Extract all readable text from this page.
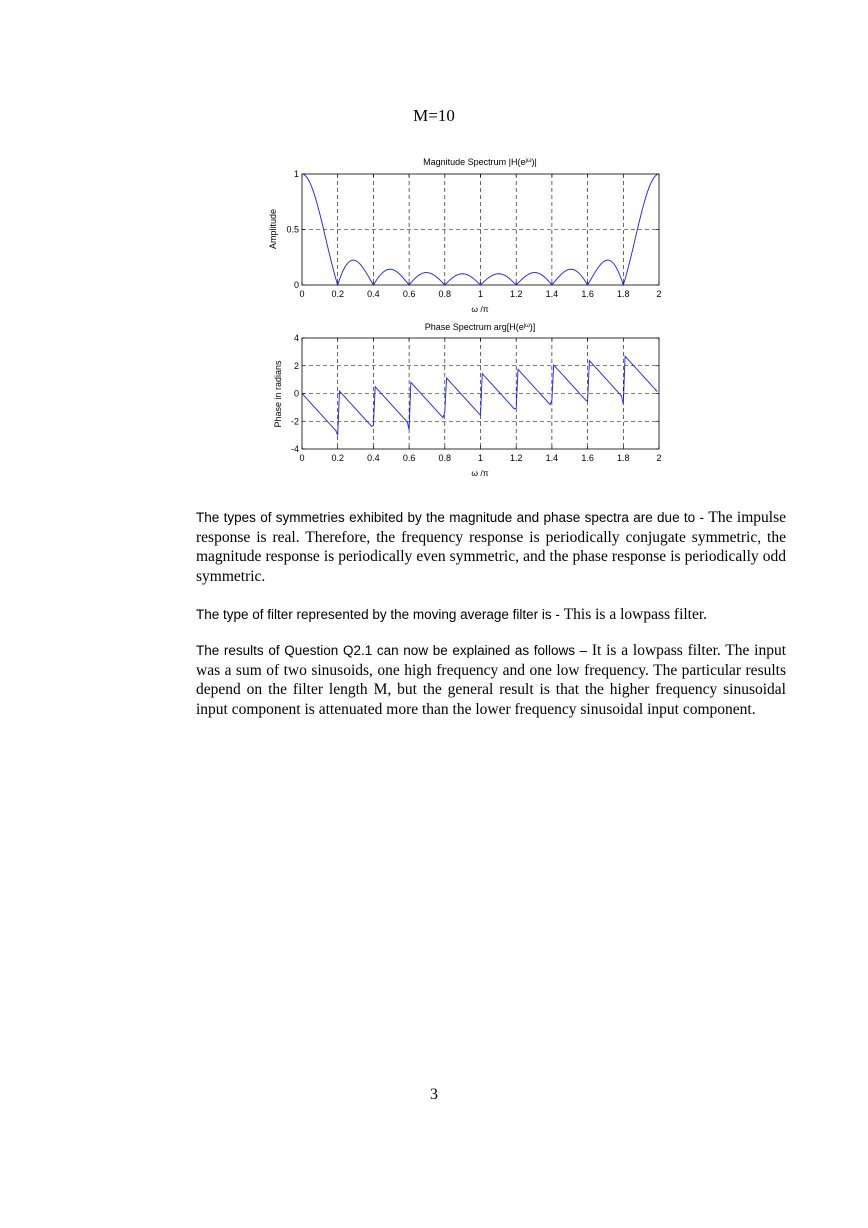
M=10
Magnitude Spectrum $|H(e^{j\omega})|$
0	0.2	0.4	0.6	0.8	1	1.2	1.4	1.6	1.8	2
0
0.5
1
ω /π
Amplitude
Phase Spectrum $arg[H(e^{j\omega})]$
0	0.2	0.4	0.6	0.8	1	1.2	1.4	1.6	1.8	2
-4
-2
0
2
4
ω /π
Phase in radians
The types of symmetries exhibited by the magnitude and phase spectra are due to - The impulse response is real. Therefore, the frequency response is periodically conjugate symmetric, the magnitude response is periodically even symmetric, and the phase response is periodically odd symmetric.
The type of filter represented by the moving average filter is - This is a lowpass filter.
The results of Question Q2.1 can now be explained as follows – It is a lowpass filter. The input was a sum of two sinusoids, one high frequency and one low frequency. The particular results depend on the filter length M, but the general result is that the higher frequency sinusoidal input component is attenuated more than the lower frequency sinusoidal input component.
3
